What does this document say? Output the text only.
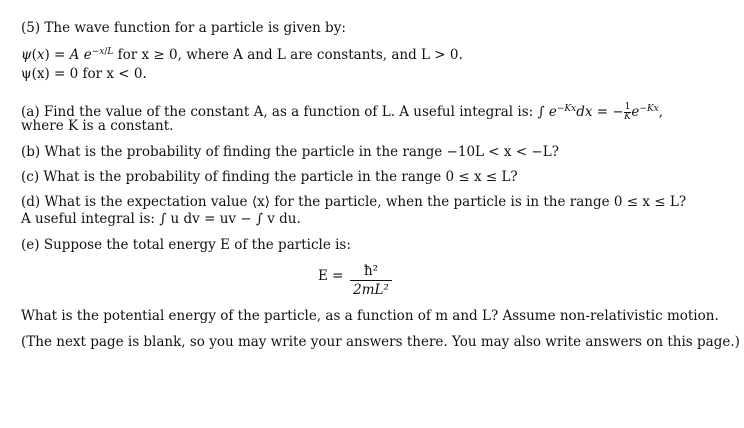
(5) The wave function for a particle is given by:
ψ(x) = A $e^{-x/L}$ for x ≥ 0, where A and L are constants, and L > 0.
ψ(x) = 0 for x < 0.
(a) Find the value of the constant A, as a function of L. A useful integral is: ∫ $e^{-Kx}dx$ = − $\frac{1}{K} e^{-Kx}$,
where K is a constant.
(b) What is the probability of finding the particle in the range −10L < x < −L?
(c) What is the probability of finding the particle in the range 0 ≤ x ≤ L?
(d) What is the expectation value ⟨x⟩ for the particle, when the particle is in the range 0 ≤ x ≤ L?
A useful integral is: ∫ u dv = uv − ∫ v du.
(e) Suppose the total energy E of the particle is:
$E = \frac{\text{ħ²}}{\text{2mL²}}$
What is the potential energy of the particle, as a function of m and L? Assume non-relativistic motion.
(The next page is blank, so you may write your answers there. You may also write answers on this page.)
